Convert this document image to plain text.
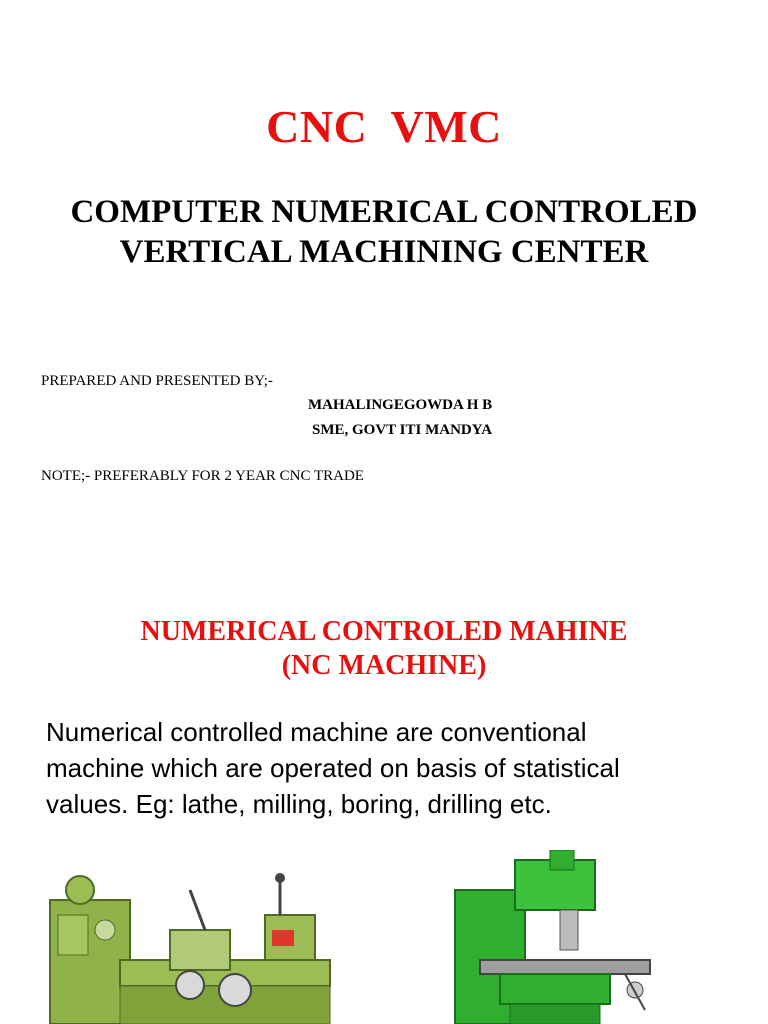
CNC  VMC
COMPUTER NUMERICAL CONTROLED
VERTICAL MACHINING CENTER
PREPARED AND PRESENTED BY;-
MAHALINGEGOWDA H B
SME, GOVT ITI MANDYA
NOTE;- PREFERABLY FOR 2 YEAR CNC TRADE
NUMERICAL CONTROLED MAHINE
(NC MACHINE)
Numerical controlled machine are conventional
machine which are operated on basis of statistical
values. Eg: lathe, milling, boring, drilling etc.
